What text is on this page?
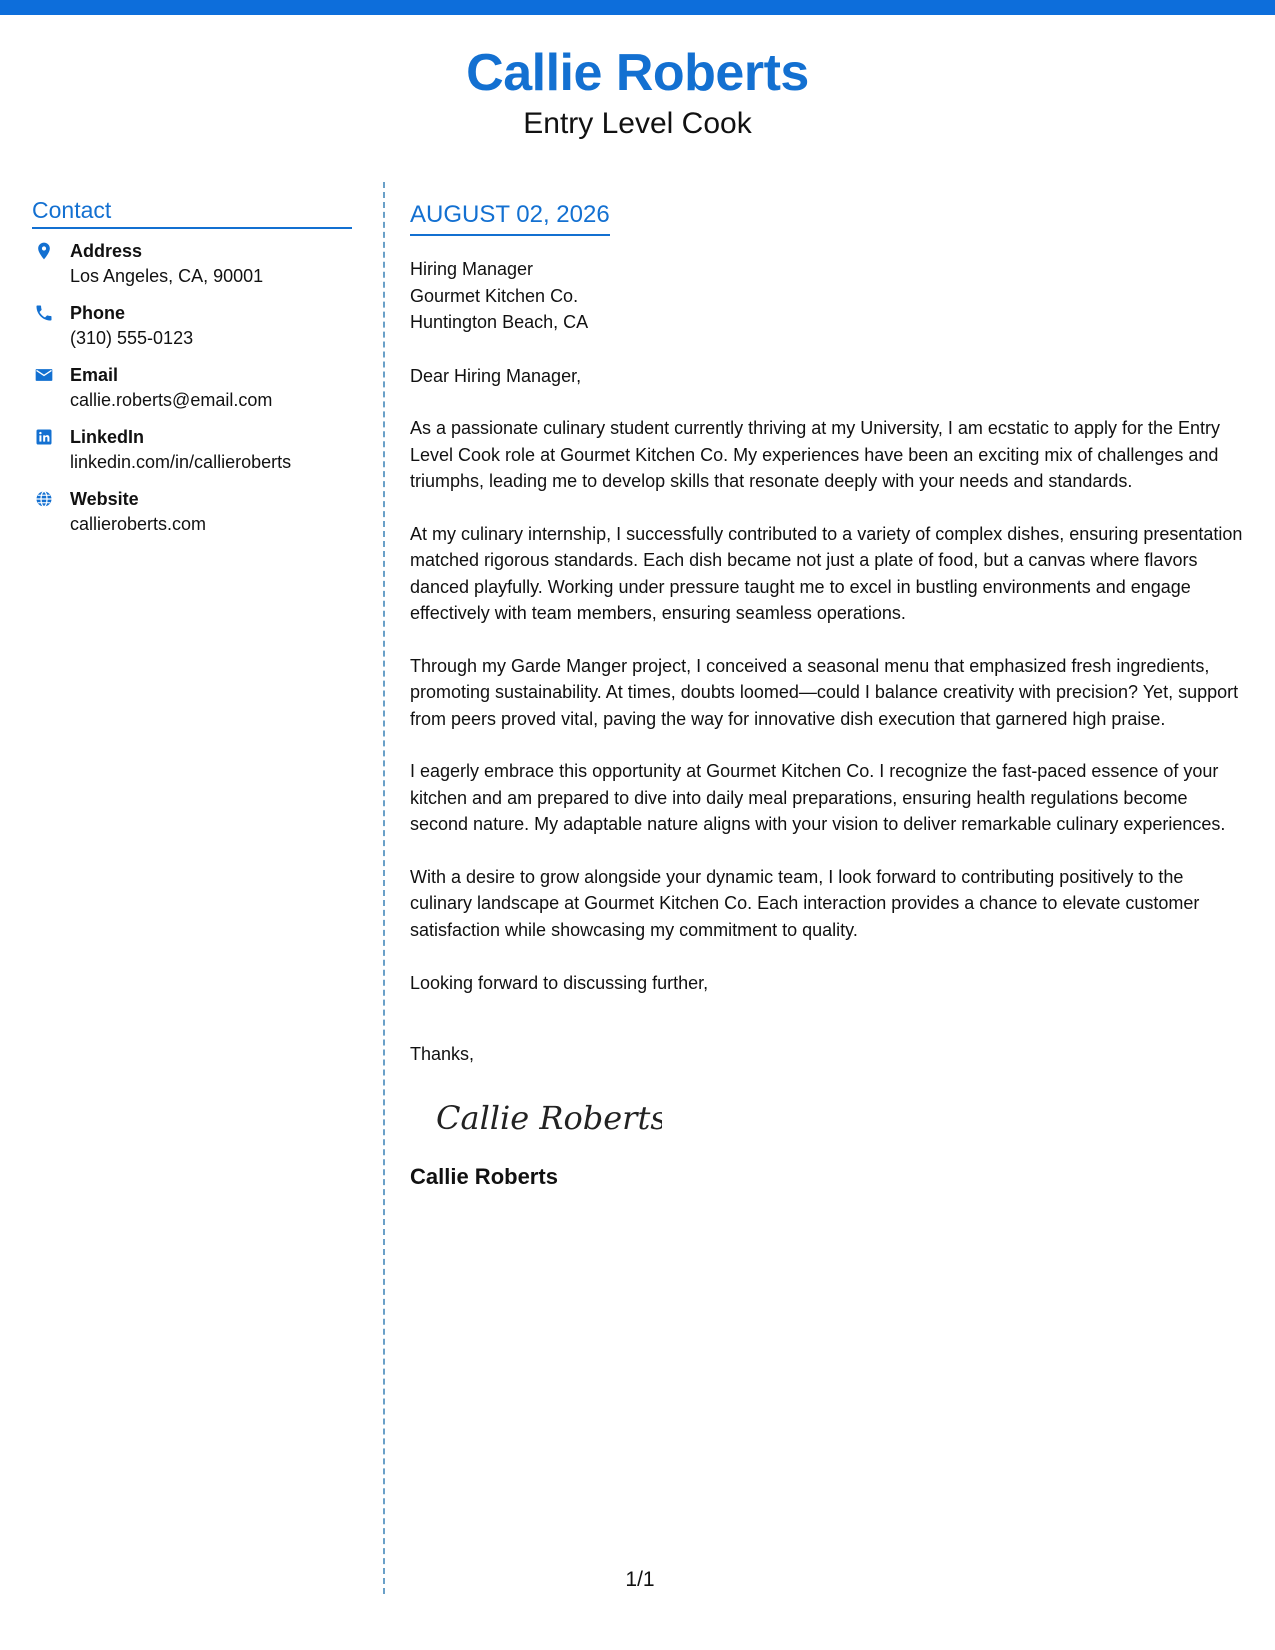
Callie Roberts
Entry Level Cook
Contact
Address
Los Angeles, CA, 90001
Phone
(310) 555-0123
Email
callie.roberts@email.com
LinkedIn
linkedin.com/in/callieroberts
Website
callieroberts.com
AUGUST 02, 2026
Hiring Manager
Gourmet Kitchen Co.
Huntington Beach, CA
Dear Hiring Manager,
As a passionate culinary student currently thriving at my University, I am ecstatic to apply for the Entry Level Cook role at Gourmet Kitchen Co. My experiences have been an exciting mix of challenges and triumphs, leading me to develop skills that resonate deeply with your needs and standards.
At my culinary internship, I successfully contributed to a variety of complex dishes, ensuring presentation matched rigorous standards. Each dish became not just a plate of food, but a canvas where flavors danced playfully. Working under pressure taught me to excel in bustling environments and engage effectively with team members, ensuring seamless operations.
Through my Garde Manger project, I conceived a seasonal menu that emphasized fresh ingredients, promoting sustainability. At times, doubts loomed—could I balance creativity with precision? Yet, support from peers proved vital, paving the way for innovative dish execution that garnered high praise.
I eagerly embrace this opportunity at Gourmet Kitchen Co. I recognize the fast-paced essence of your kitchen and am prepared to dive into daily meal preparations, ensuring health regulations become second nature. My adaptable nature aligns with your vision to deliver remarkable culinary experiences.
With a desire to grow alongside your dynamic team, I look forward to contributing positively to the culinary landscape at Gourmet Kitchen Co. Each interaction provides a chance to elevate customer satisfaction while showcasing my commitment to quality.
Looking forward to discussing further,
Thanks,
Callie Roberts
Callie Roberts
1/1
